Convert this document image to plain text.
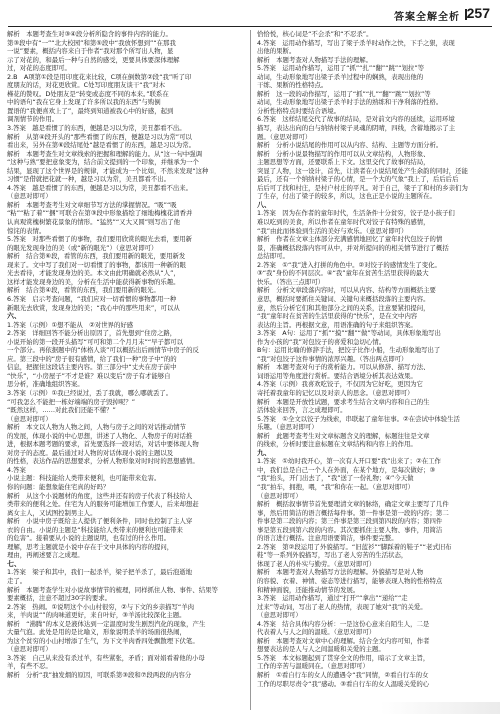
答案全解全析 257
解析　本题考查生对③④段分析所隐含的事件内容的能力。
第③段中有“一”“北大校园”和第⑤段中“我放怀想到”“在那我
一说”要素，概括内容来自于作者“我对那个所写出人物，显
示了对花的，和最后一种与自然的感受，更要具体要深体理解
过，对花的态度即可。
2.B　A项第①段是用印度花来比较，C项在倒数第②段“我”听了印
度朋友的话，对花更欣赏。C处写印度朋友谈干“我”对木
槿花的赞叹。D处朋友是“转变或态度不同的本来。”联系在
中的语句“我在它身上发现了许多所以我的东西”与购倒
置语的“我便喜欢上了”，最终到知道被我心中的好感，起到
调剂情节的作用。
3.答案　越是看惯了的东西，便越是习以为常，美丑都看不出。
解析　从第④段开头的“那些看惯了的东西，便越是习以为常”可以
看出来，另外在第⑥段结尾处“越是看惯了的东西，越是习以为常。
解析　本题考查生对文章线索的把握和理解的能力。从“这一句中强调
“这种与熟”要把意象变为，结合前文提到的一个印象，并继承为一个
结果，显现了这个世界是的规律，才能成为一个比如，不然来发现“这种
习惯”是借就把花就一种，越是习以为常，美丑都看不出。
4.答案　越是看惯了的东西，便越是习以为常，美丑都看不出来。
（意思对即可）
解析　本题考查考生对文章细节写方法的掌握情况。“吸”“吸
“粘”“粘了着”“捆”可联合在第③段中形象描绘了细地梅槐花清香并
认真观赏槐树繁花景象的情形。“猛然”“又大又圆”则写出了他
惊诧的表情。
5.答案　对那些看惯了的事物，我们要用欣赏的眼光去看，要用新
的眼光发现身边的美（或“新的眼光”）（意思对即可）
解析　结合第⑥段，看管的东西，我们要用新的眼光，要用新发
现来了。文中写了我们对一切看惯了的事物，都该用一种新的眼
光去看待，才能发现身边的美。本文由此明确就必然从“人”，
这样才能发现身边的美，分析在生活中能获得新事物的乐趣。
解析　结合第④段，看管的东西，我们要用新的眼光。
6.答案　启示考查问题，“我们应对一切看惯的事物都用一种
新眼光去欣赏，发现身边的美；“我心中的那些用来”，可以从
六、
1.答案（示例）①想不能从　②对世界的好感
2.答案　详细回答不能分析出原因了，首先想到“住房之路，
小说开始的第一段开头描写“可可和第二个月月末”“早子都可以
一个部分。再依据题中的“体格人谈”可以概括出后画情节中房子的反
应。第三段中的“房子很有感情，给了我们一种”房子中“的的
信息，把握住这段话主要内容。第三部分中“丈夫在房子前中
“快乐”，“小房屋子”不才是谁？难以变后“房子有才能够自
思分析，准确地组织答案。
3.答案（示例）①我已经说过，丢了我就，哪么哪就丢了。
“可我怎么不能把一栋好端端的房子毁掉呢？”
“既然这样，……对此我们还能不懂？”
（意思对即可）
解析　本文以人物为人物之间，人物与房子之间的对话推动情节
的发展，体现小说的中心思想，讲述了人物化、人物房子的对话推
进，根据本题考题的要求，首先要选择一段对话，对话中要体现人物
对房子的态度。最后通过对人物的对话体现小说的主题以及
的性格，表达作品的思想要求，分析人物形象对时时时的思想感情。
4.答案
小说主题：科技能给人类带来便利，也可能带来危害。
你的问题：能想象能住宅真的好吗？
解析　从这个小说题材的角度，这些并还有的房子代表了科技给人
类带来的便利之处。住宅为人的服务可能增加工作要人，后来却想赶
离女主人，又试图控制男主人。
解析　小说中房子既给主人提供了便利条件，同时也控制了主人穿
衣的自由。小说的主题是“科技能给人类带来的便利也可能带来
的危害”。接着要从小说的主题说明，也有过的什么作用。
理解，思考主题就是小说中存在于文中具体的内容的提问，
理由，再阐述要言之成理。
七、
1.答案　梁子和其中，我们一起杀羊，梁子把羊杀了，最后泡逝地
走了。
解析　本题考查学生对小说故事情节的梳理，同样抓住人物、事件、结果等
要素概括，注意不超过30字的要求。
2.答案　热闹。①说明这个小山村很穷，②与下文的乡亲描写“羊肉
来，羊肉说“”的肉味道更好，来自叶好，③羊汤比较深化主题。
解析　“沸腾”的本义是液体达到一定温度时发生剧烈汽化的现象，产生
大量气泡。此处是用的是比喻义，形象说明杀羊的场面很热闹，
为这个贫穷的小山村增添了生气，为下文羊肉香四处飘散埋下伏笔。
（意思对即可）
3.答案　自己从来没有杀过羊，有些紧张，矛盾；面对娟看着他的小母
羊，有些不忍。
解析　分析“我”抽发烟的原因，可联系第③段和⑦段两段的内容分
恰恰悦，核心词是“不会杀”和“不忍杀”。
4.答案　运用动作描写，写出了梁子杀羊时动作之快，下手之狠，表现
出他的果断。
解析　本题考查对人物描写手法的理解。
5.答案　运用动作描写，运用了“抓”“扎”“翻”“跳”“划拉”等
动词，生动形象地写出梁子杀羊过程中的娴熟，表现出他的
干练、果断的性格特点。
解析　这一段的动作描写，运用了“抓”“扎”“翻”“跳”“划拉”等
动词，生动形象地写出梁子杀羊时手法的熟练和干净利落的性格。
分析性格特点时要结合语境。
6.答案　这样结尾交代了故事的结局，是对前文内容的延续，运用环境
描写，表达出向的白与纳纳村梁子灵魂的阴晴，四线，含蓄地揭示了主
题。（意思对即可）
解析　分析小说结尾的作用可以从内容、结构、主题等方面分析。
解析　分析小说景物描写的作用可以从文章结构，人物形象、
主题思想等方面，还要联系上下文。这里交代了故事的结局，
突显了人物，这一设计，首先，让读者在小说结尾处产生余韵的同时，还能
最后，还有一个纳纳村梁子的心情，是一个大的气象“我上了，后后后后
后后可了找和村庄，是村户村庄的平凡。对于自己，梁子了和村的乡亲们为
了生存，付出了梁子的较多，所以，这也正是小说的主题所在。
八、
1.答案　因为在作者的童年时代，生活条件十分贫穷，饺子是小孩子们
难以吃到的美食，所以作者在童年时代对饺子有特殊的感情，
“我”由此而体验到生活的美好与欢乐。（意思对即可）
解析　作者在文章主体部分充满感情地回忆了童年时代包饺子的情
景，准确概括段落内容可从中，并对所提问的的相关情节进行了概括
总结即可。
2.答案　①“我”进入打拼的角色中。②对饺子的感情发生了变化。
③“我”身份的不同层次。④“我”童年在贫苦生活里获得的最大
快乐。（答出三点即可）
解析　分析文章段落内容时，可以从内容、结构等方面概括主要
意思，概括时要抓住关键词、关键句来概括段落的主要内容。
意，然后分析它们和其他部分之间的关系，注意要紧扣提问，
“我”童年时在贫苦的生活里获得的“快乐”，是在文中内容
表达的主旨。再根据文意，用语准确的句子来组织答案。
3.答案　A句：运用了“抓”“摸”“翻”“做”等动词，具体形象地写出
作为小孩的“我”对包饺子的喜爱和急切心情。
B句：运用比喻的修辞手法，把饺子比作小船，生动形象地写出了
“我”对包饺子这件事情的浓厚兴趣。（答出两点即可）
解析　本题考查对句子的赏析能力。可以从修辞、描写方法、
词语运用等角度进行赏析。要结合语境分析其表达效果。
4.答案（示例）我喜欢吃饺子，不仅因为它好吃，更因为它
寄托着我童年的记忆以及对亲人的思念。（意思对即可）
解析　本题是开放性试题，要求考生结合文章内容和自己的生
活体验来回答，言之成理即可。
5.答案　①全文以饺子为线索，串联起了童年往事。②在尝试中体验生活
乐趣。（意思对即可）
解析　此题考查考生对文章标题含义的理解，标题往往是文章
的线索，分析时要注意标题在文章结构和内容上的作用。
九、
1.答案　①幼时我开心，第一次有人开口要“我”出来了；②在工作
中，我们总是自己一个人在外面，在某个地方，是每次做好；③
“我”抬头，开门出去了，“我”送了一份礼物；④”今天做
“我”拍车，拥抱，喂，“我”和你在一起。（意思对即可）
（意思对即可）
解析　概括叙事情节首先要理清文章的脉络，确定文章主要写了几件
事，然后用简洁的语言概括每件事。第一件事是第一段的内容；第二
件事是第二段的内容；第三件事是第三段到第四段的内容；第四件
事是第五段到第六段的内容。其次要抓住主要人物、事件，用简洁
的语言进行概括。注意用语要简洁，事件要完整。
2.答案　第②段运用了外貌描写。“旧蓝衫”“脚踩着的鞋子”“老式旧布
鞋”等一系列外貌描写，写出了老人穷苦的生活状态，
体现了老人的朴实与勤劳。（意思对即可）
解析　本题考查对人物描写方法的理解。外貌描写是对人物
的容貌、衣着、神情、姿态等进行描写，能够表现人物的性格特点
和精神面貌，还能推动情节的发展。
3.答案　运用动作描写，通过“打开”“拿出”“递给”“走
过来”等动词，写出了老人的热情，表现了她对“我”的关爱。
（意思对即可）
4.答案　结合具体内容分析：一是这份心意来自陌生人，二是
代表着人与人之间的温暖。（意思对即可）
解析　本题考查对文章中心的理解。结合全文内容可知，作者
想要表达的是人与人之间温暖和关爱的主题。
5.答案　本文标题起到了贯穿全文的作用，暗示了文章主旨，
工作的辛苦与温暖同在。（意思对即可）
解析　①看自行车的女人的遭遇令“我”同情，②看自行车的女
工作的尽职尽责令“我”感动。③看自行车的女人温暖关爱的心
